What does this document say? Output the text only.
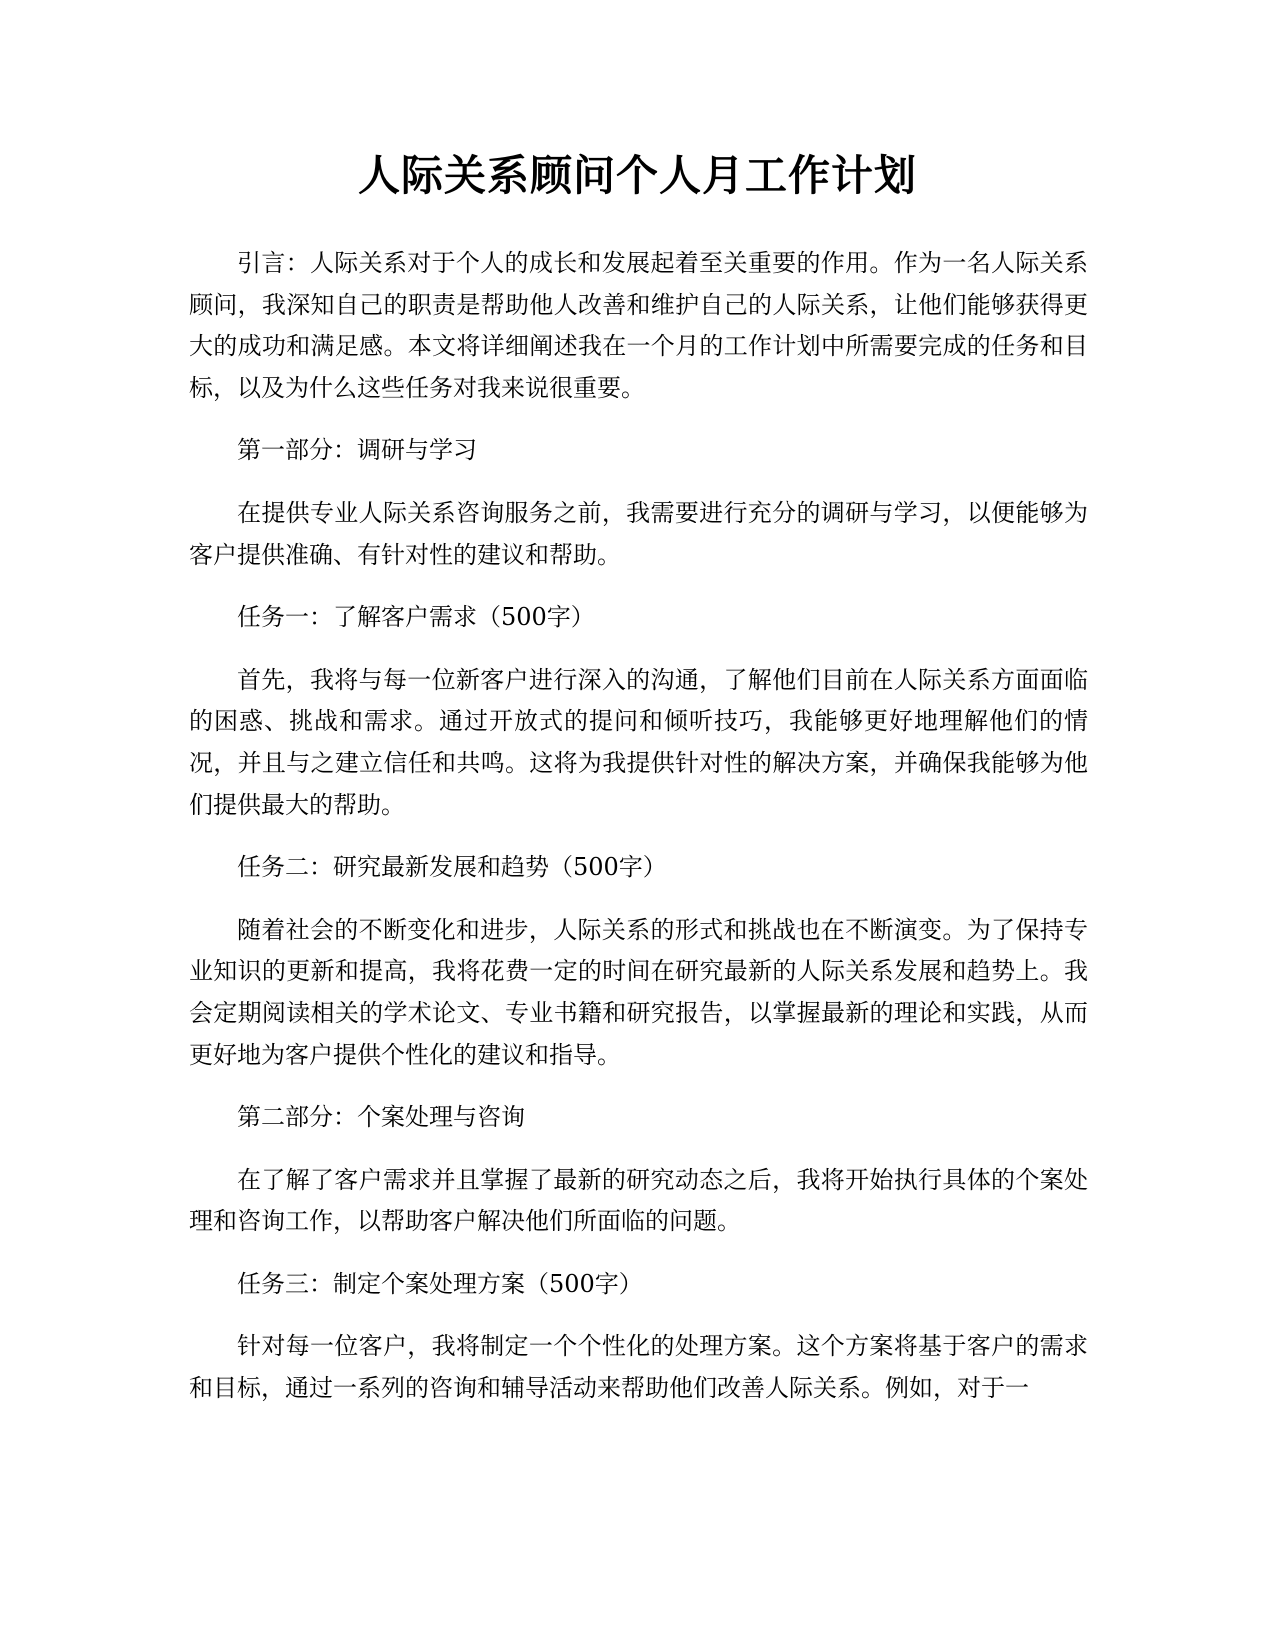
人际关系顾问个人月工作计划

引言：人际关系对于个人的成长和发展起着至关重要的作用。作为一名人际关系顾问，我深知自己的职责是帮助他人改善和维护自己的人际关系，让他们能够获得更大的成功和满足感。本文将详细阐述我在一个月的工作计划中所需要完成的任务和目标，以及为什么这些任务对我来说很重要。

第一部分：调研与学习

在提供专业人际关系咨询服务之前，我需要进行充分的调研与学习，以便能够为客户提供准确、有针对性的建议和帮助。

任务一：了解客户需求（500字）

首先，我将与每一位新客户进行深入的沟通，了解他们目前在人际关系方面面临的困惑、挑战和需求。通过开放式的提问和倾听技巧，我能够更好地理解他们的情况，并且与之建立信任和共鸣。这将为我提供针对性的解决方案，并确保我能够为他们提供最大的帮助。

任务二：研究最新发展和趋势（500字）

随着社会的不断变化和进步，人际关系的形式和挑战也在不断演变。为了保持专业知识的更新和提高，我将花费一定的时间在研究最新的人际关系发展和趋势上。我会定期阅读相关的学术论文、专业书籍和研究报告，以掌握最新的理论和实践，从而更好地为客户提供个性化的建议和指导。

第二部分：个案处理与咨询

在了解了客户需求并且掌握了最新的研究动态之后，我将开始执行具体的个案处理和咨询工作，以帮助客户解决他们所面临的问题。

任务三：制定个案处理方案（500字）

针对每一位客户，我将制定一个个性化的处理方案。这个方案将基于客户的需求和目标，通过一系列的咨询和辅导活动来帮助他们改善人际关系。例如，对于一
